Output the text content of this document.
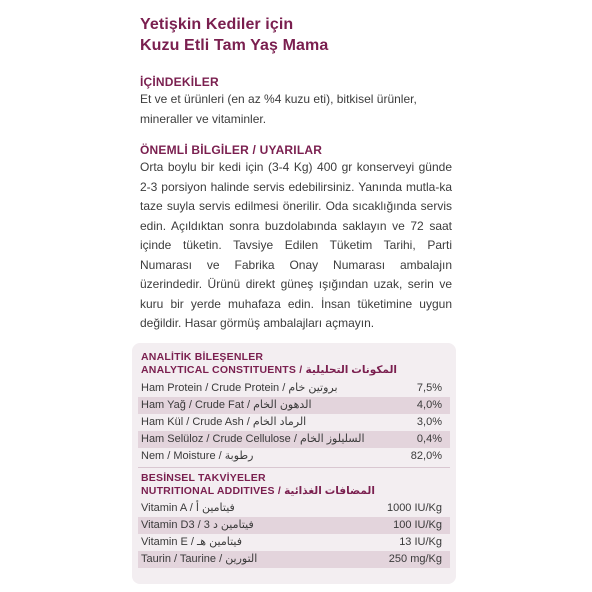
Yetişkin Kediler için
Kuzu Etli Tam Yaş Mama
İÇİNDEKİLER

Et ve et ürünleri (en az %4 kuzu eti), bitkisel ürünler,
mineraller ve vitaminler.

ÖNEMLİ BİLGİLER / UYARILAR

Orta boylu bir kedi için (3-4 Kg) 400 gr konserveyi günde 2-3 porsiyon halinde servis edebilirsiniz. Yanında mutla-ka taze suyla servis edilmesi önerilir. Oda sıcaklığında servis edin. Açıldıktan sonra buzdolabında saklayın ve 72 saat içinde tüketin. Tavsiye Edilen Tüketim Tarihi, Parti Numarası ve Fabrika Onay Numarası ambalajın üzerindedir. Ürünü direkt güneş ışığından uzak, serin ve kuru bir yerde muhafaza edin. İnsan tüketimine uygun değildir. Hasar görmüş ambalajları açmayın.

ANALİTİK BİLEŞENLER
ANALYTICAL CONSTITUENTS / المكونات التحليلية
Ham Protein / Crude Protein / بروتين خام	7,5%
Ham Yağ / Crude Fat / الدهون الخام	4,0%
Ham Kül / Crude Ash / الرماد الخام	3,0%
Ham Selüloz / Crude Cellulose / السليلوز الخام	0,4%
Nem / Moisture / رطوبة	82,0%
BESİNSEL TAKVİYELER
NUTRITIONAL ADDITIVES / المضافات الغذائية
Vitamin A / فيتامين أ	1000 IU/Kg
Vitamin D3 / فيتامين د 3	100 IU/Kg
Vitamin E / فيتامين هـ	13 IU/Kg
Taurin / Taurine / التورين	250 mg/Kg
